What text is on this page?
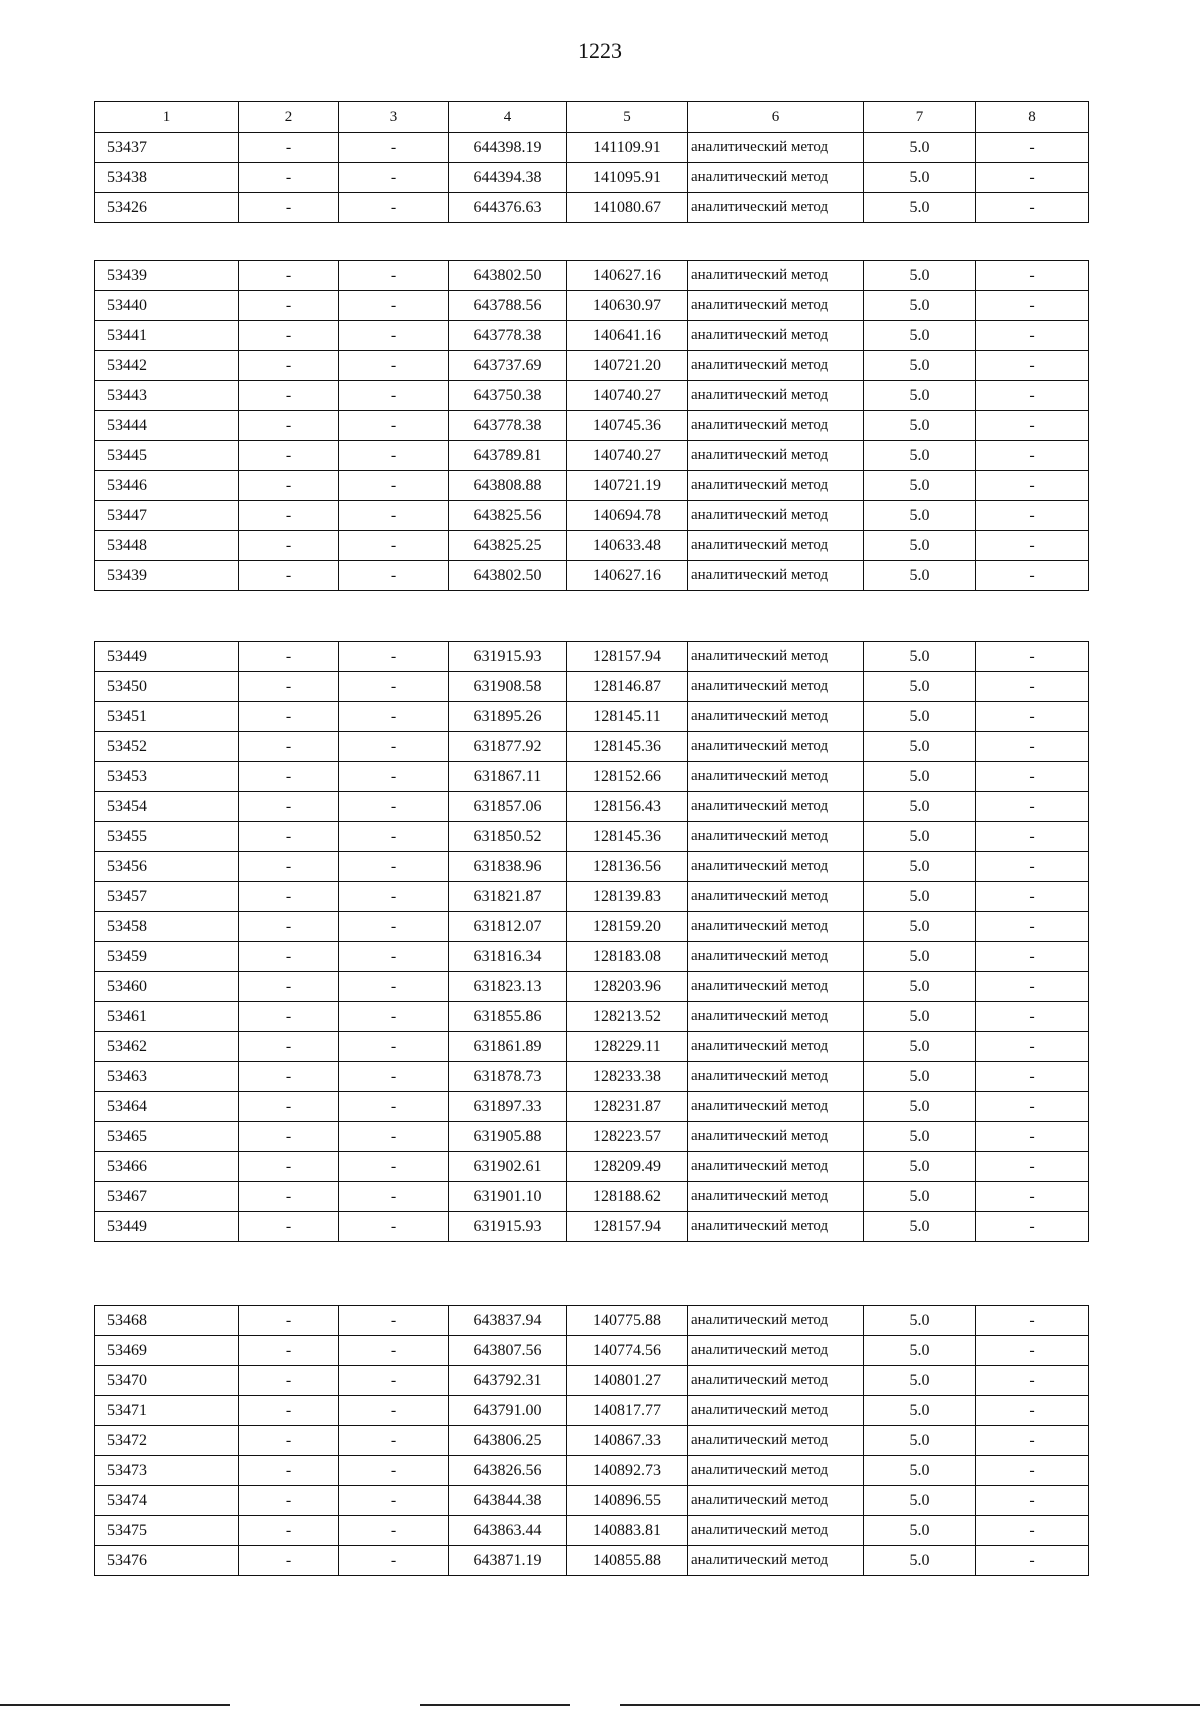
1223
1	2	3	4	5	6	7	8
53437	-	-	644398.19	141109.91	аналитический метод	5.0	-
53438	-	-	644394.38	141095.91	аналитический метод	5.0	-
53426	-	-	644376.63	141080.67	аналитический метод	5.0	-
53439	-	-	643802.50	140627.16	аналитический метод	5.0	-
53440	-	-	643788.56	140630.97	аналитический метод	5.0	-
53441	-	-	643778.38	140641.16	аналитический метод	5.0	-
53442	-	-	643737.69	140721.20	аналитический метод	5.0	-
53443	-	-	643750.38	140740.27	аналитический метод	5.0	-
53444	-	-	643778.38	140745.36	аналитический метод	5.0	-
53445	-	-	643789.81	140740.27	аналитический метод	5.0	-
53446	-	-	643808.88	140721.19	аналитический метод	5.0	-
53447	-	-	643825.56	140694.78	аналитический метод	5.0	-
53448	-	-	643825.25	140633.48	аналитический метод	5.0	-
53439	-	-	643802.50	140627.16	аналитический метод	5.0	-
53449	-	-	631915.93	128157.94	аналитический метод	5.0	-
53450	-	-	631908.58	128146.87	аналитический метод	5.0	-
53451	-	-	631895.26	128145.11	аналитический метод	5.0	-
53452	-	-	631877.92	128145.36	аналитический метод	5.0	-
53453	-	-	631867.11	128152.66	аналитический метод	5.0	-
53454	-	-	631857.06	128156.43	аналитический метод	5.0	-
53455	-	-	631850.52	128145.36	аналитический метод	5.0	-
53456	-	-	631838.96	128136.56	аналитический метод	5.0	-
53457	-	-	631821.87	128139.83	аналитический метод	5.0	-
53458	-	-	631812.07	128159.20	аналитический метод	5.0	-
53459	-	-	631816.34	128183.08	аналитический метод	5.0	-
53460	-	-	631823.13	128203.96	аналитический метод	5.0	-
53461	-	-	631855.86	128213.52	аналитический метод	5.0	-
53462	-	-	631861.89	128229.11	аналитический метод	5.0	-
53463	-	-	631878.73	128233.38	аналитический метод	5.0	-
53464	-	-	631897.33	128231.87	аналитический метод	5.0	-
53465	-	-	631905.88	128223.57	аналитический метод	5.0	-
53466	-	-	631902.61	128209.49	аналитический метод	5.0	-
53467	-	-	631901.10	128188.62	аналитический метод	5.0	-
53449	-	-	631915.93	128157.94	аналитический метод	5.0	-
53468	-	-	643837.94	140775.88	аналитический метод	5.0	-
53469	-	-	643807.56	140774.56	аналитический метод	5.0	-
53470	-	-	643792.31	140801.27	аналитический метод	5.0	-
53471	-	-	643791.00	140817.77	аналитический метод	5.0	-
53472	-	-	643806.25	140867.33	аналитический метод	5.0	-
53473	-	-	643826.56	140892.73	аналитический метод	5.0	-
53474	-	-	643844.38	140896.55	аналитический метод	5.0	-
53475	-	-	643863.44	140883.81	аналитический метод	5.0	-
53476	-	-	643871.19	140855.88	аналитический метод	5.0	-
